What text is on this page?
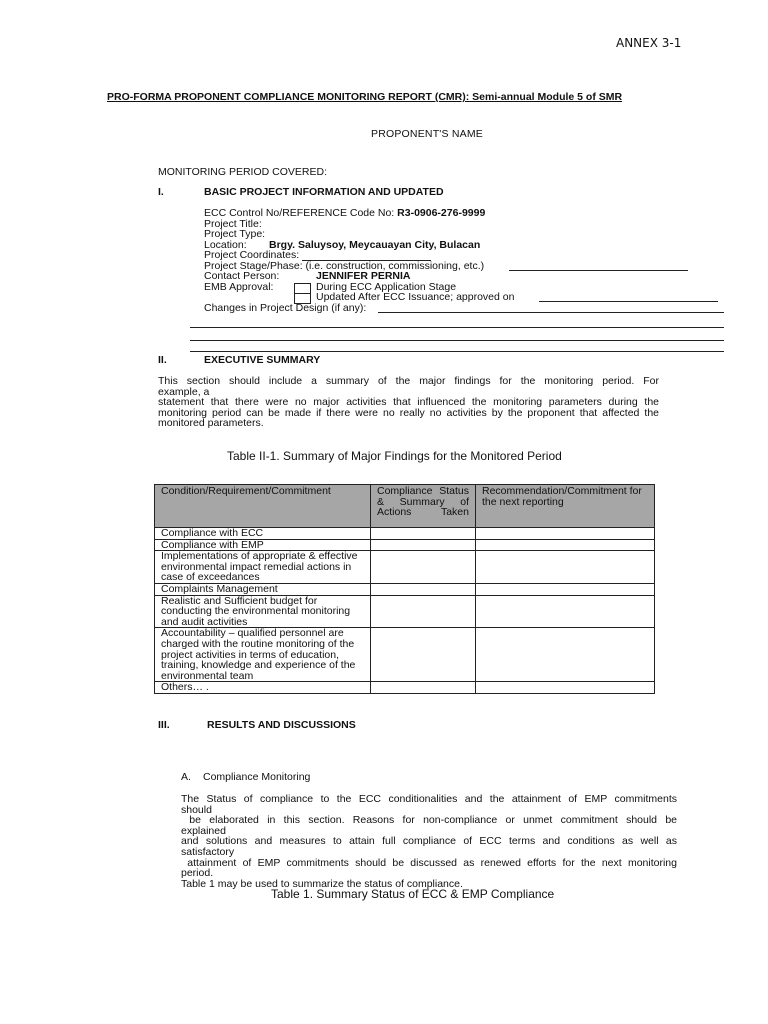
ANNEX 3-1
PRO-FORMA PROPONENT COMPLIANCE MONITORING REPORT (CMR): Semi-annual Module 5 of SMR
PROPONENT'S NAME
MONITORING PERIOD COVERED:
I.	BASIC PROJECT INFORMATION AND UPDATED
ECC Control No/REFERENCE Code No: R3-0906-276-9999
Project Title:
Project Type:
Location: Brgy. Saluysoy, Meycauayan City, Bulacan
Project Coordinates:
Project Stage/Phase: (i.e. construction, commissioning, etc.)
Contact Person:	JENNIFER PERNIA
EMB Approval:	During ECC Application Stage
Updated After ECC Issuance; approved on
Changes in Project Design (if any):
II.	EXECUTIVE SUMMARY
This section should include a summary of the major findings for the monitoring period. For
example, a
statement that there were no major activities that influenced the monitoring parameters during the
monitoring period can be made if there were no really no activities by the proponent that affected the
monitored parameters.
Table II-1. Summary of Major Findings for the Monitored Period
Condition/Requirement/Commitment	Compliance Status & Summary of Actions Taken	Recommendation/Commitment for the next reporting
Compliance with ECC		
Compliance with EMP		
Implementations of appropriate & effective environmental impact remedial actions in case of exceedances		
Complaints Management		
Realistic and Sufficient budget for conducting the environmental monitoring and audit activities		
Accountability – qualified personnel are charged with the routine monitoring of the project activities in terms of education, training, knowledge and experience of the environmental team		
Others… .		
III.	RESULTS AND DISCUSSIONS
A. Compliance Monitoring
The Status of compliance to the ECC conditionalities and the attainment of EMP commitments
should
be elaborated in this section. Reasons for non-compliance or unmet commitment should be
explained
and solutions and measures to attain full compliance of ECC terms and conditions as well as
satisfactory
attainment of EMP commitments should be discussed as renewed efforts for the next monitoring
period.
Table 1 may be used to summarize the status of compliance.
Table 1. Summary Status of ECC & EMP Compliance
